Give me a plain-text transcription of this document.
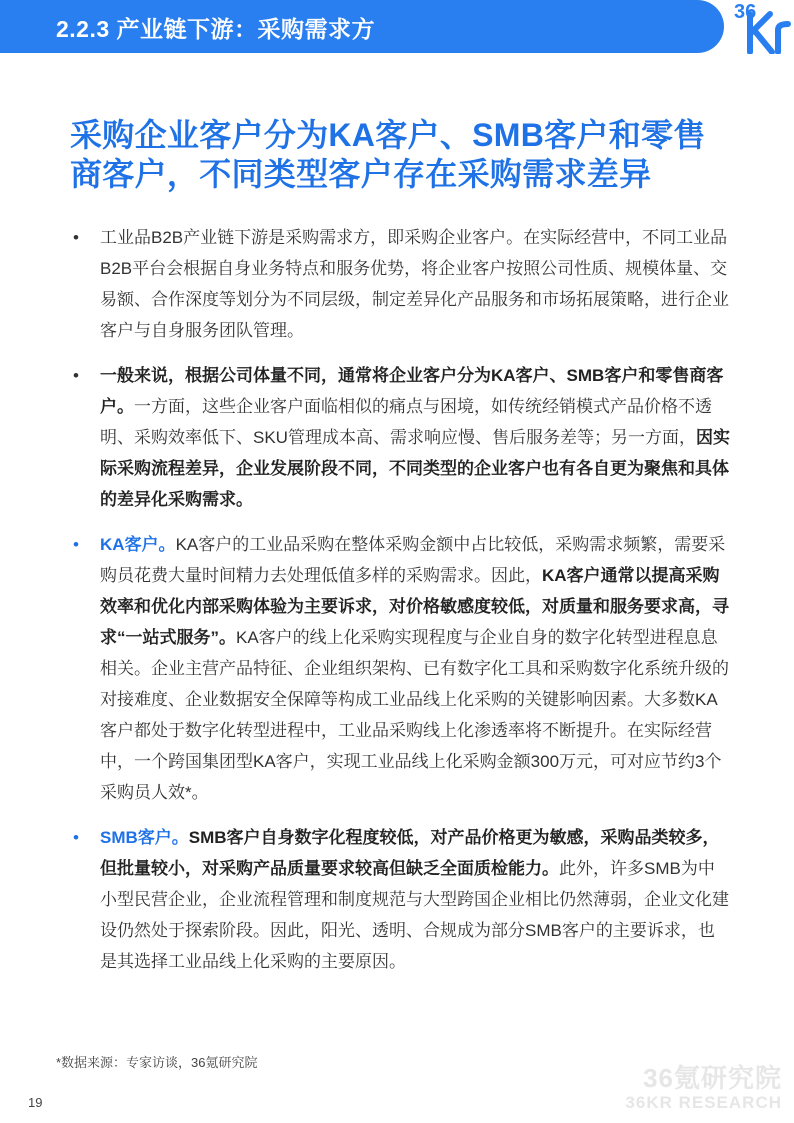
2.2.3 产业链下游：采购需求方
36
采购企业客户分为KA客户、SMB客户和零售
商客户，不同类型客户存在采购需求差异
• 工业品B2B产业链下游是采购需求方，即采购企业客户。在实际经营中，不同工业品B2B平台会根据自身业务特点和服务优势，将企业客户按照公司性质、规模体量、交易额、合作深度等划分为不同层级，制定差异化产品服务和市场拓展策略，进行企业客户与自身服务团队管理。

• 一般来说，根据公司体量不同，通常将企业客户分为KA客户、SMB客户和零售商客户。一方面，这些企业客户面临相似的痛点与困境，如传统经销模式产品价格不透明、采购效率低下、SKU管理成本高、需求响应慢、售后服务差等；另一方面，因实际采购流程差异，企业发展阶段不同，不同类型的企业客户也有各自更为聚焦和具体的差异化采购需求。

• KA客户。KA客户的工业品采购在整体采购金额中占比较低，采购需求频繁，需要采购员花费大量时间精力去处理低值多样的采购需求。因此，KA客户通常以提高采购效率和优化内部采购体验为主要诉求，对价格敏感度较低，对质量和服务要求高，寻求“一站式服务”。KA客户的线上化采购实现程度与企业自身的数字化转型进程息息相关。企业主营产品特征、企业组织架构、已有数字化工具和采购数字化系统升级的对接难度、企业数据安全保障等构成工业品线上化采购的关键影响因素。大多数KA客户都处于数字化转型进程中，工业品采购线上化渗透率将不断提升。在实际经营中，一个跨国集团型KA客户，实现工业品线上化采购金额300万元，可对应节约3个采购员人效*。

• SMB客户。SMB客户自身数字化程度较低，对产品价格更为敏感，采购品类较多，但批量较小，对采购产品质量要求较高但缺乏全面质检能力。此外，许多SMB为中小型民营企业，企业流程管理和制度规范与大型跨国企业相比仍然薄弱，企业文化建设仍然处于探索阶段。因此，阳光、透明、合规成为部分SMB客户的主要诉求，也是其选择工业品线上化采购的主要原因。

*数据来源：专家访谈，36氪研究院
36氪研究院
36KR RESEARCH
19
